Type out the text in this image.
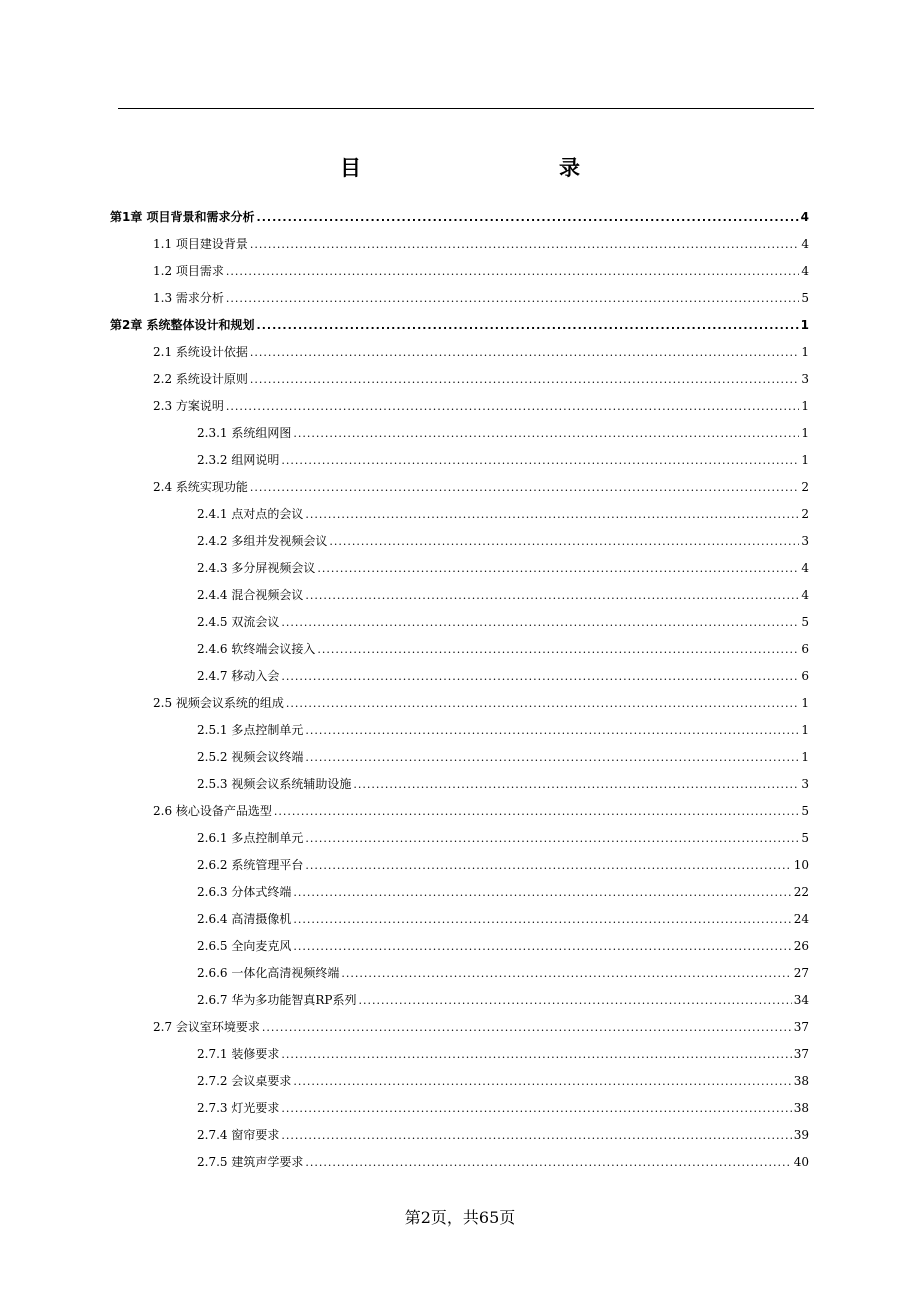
目　　录
第1章 项目背景和需求分析 .....	4
1.1 项目建设背景 .....	4
1.2 项目需求 .....	4
1.3 需求分析 .....	5
第2章 系统整体设计和规划 .....	1
2.1 系统设计依据 .....	1
2.2 系统设计原则 .....	3
2.3 方案说明 .....	1
2.3.1 系统组网图 .....	1
2.3.2 组网说明 .....	1
2.4 系统实现功能 .....	2
2.4.1 点对点的会议 .....	2
2.4.2 多组并发视频会议 .....	3
2.4.3 多分屏视频会议 .....	4
2.4.4 混合视频会议 .....	4
2.4.5 双流会议 .....	5
2.4.6 软终端会议接入 .....	6
2.4.7 移动入会 .....	6
2.5 视频会议系统的组成 .....	1
2.5.1 多点控制单元 .....	1
2.5.2 视频会议终端 .....	1
2.5.3 视频会议系统辅助设施 .....	3
2.6 核心设备产品选型 .....	5
2.6.1 多点控制单元 .....	5
2.6.2 系统管理平台 .....	10
2.6.3 分体式终端 .....	22
2.6.4 高清摄像机 .....	24
2.6.5 全向麦克风 .....	26
2.6.6 一体化高清视频终端 .....	27
2.6.7 华为多功能智真RP系列 .....	34
2.7 会议室环境要求 .....	37
2.7.1 装修要求 .....	37
2.7.2 会议桌要求 .....	38
2.7.3 灯光要求 .....	38
2.7.4 窗帘要求 .....	39
2.7.5 建筑声学要求 .....	40
第2页，共65页
